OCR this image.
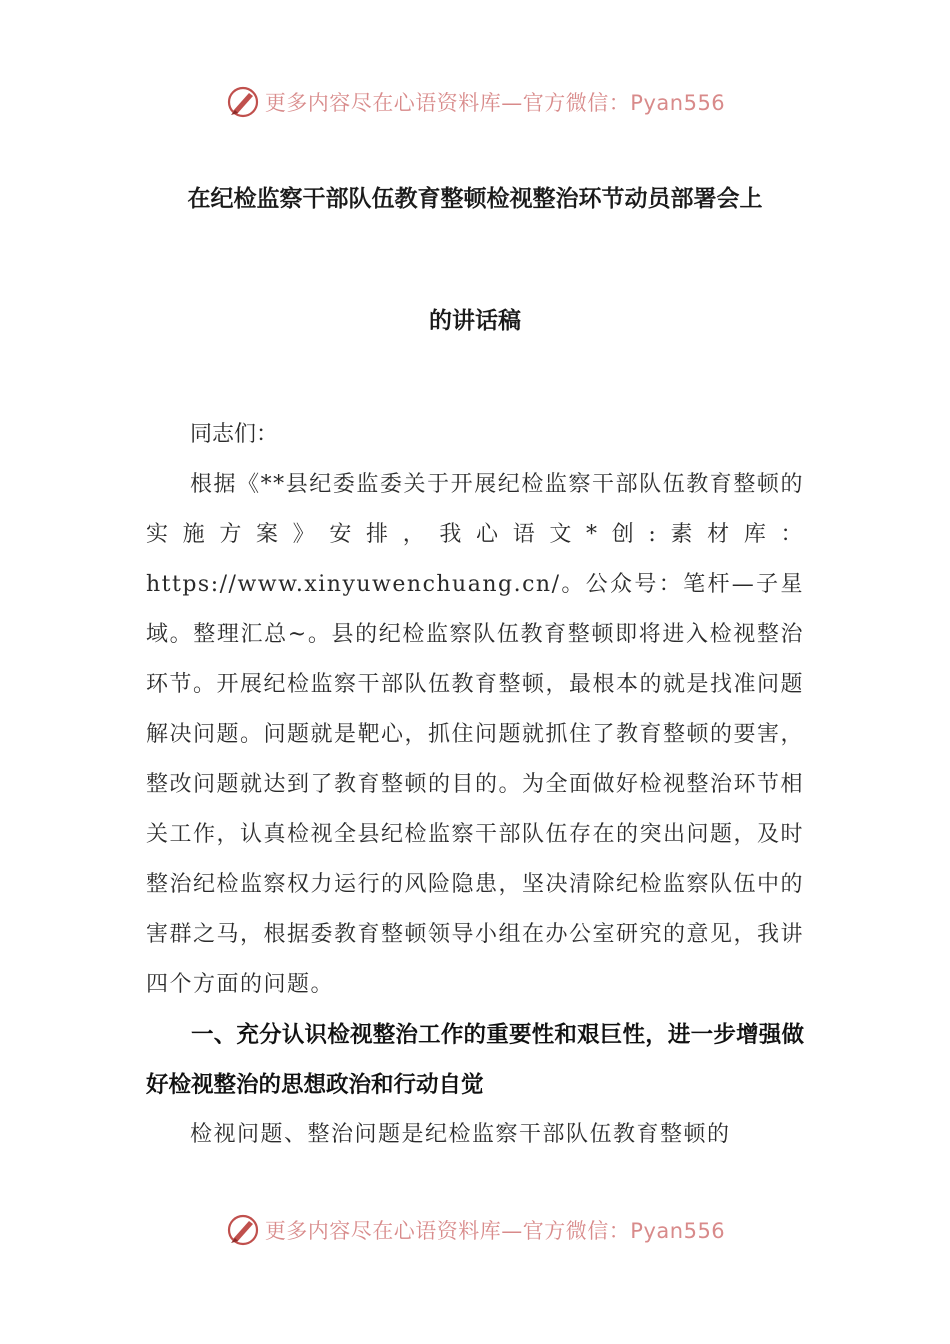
更多内容尽在心语资料库—官方微信：Pyan556
在纪检监察干部队伍教育整顿检视整治环节动员部署会上
的讲话稿

同志们：

根据《**县纪委监委关于开展纪检监察干部队伍教育整顿的实施方案》安排，我心语文*创:素材库：https://www.xinyuwenchuang.cn/。公众号：笔杆—子星域。整理汇总~。县的纪检监察队伍教育整顿即将进入检视整治环节。开展纪检监察干部队伍教育整顿，最根本的就是找准问题解决问题。问题就是靶心，抓住问题就抓住了教育整顿的要害，整改问题就达到了教育整顿的目的。为全面做好检视整治环节相关工作，认真检视全县纪检监察干部队伍存在的突出问题，及时整治纪检监察权力运行的风险隐患，坚决清除纪检监察队伍中的害群之马，根据委教育整顿领导小组在办公室研究的意见，我讲四个方面的问题。

一、充分认识检视整治工作的重要性和艰巨性，进一步增强做好检视整治的思想政治和行动自觉

检视问题、整治问题是纪检监察干部队伍教育整顿的

更多内容尽在心语资料库—官方微信：Pyan556
